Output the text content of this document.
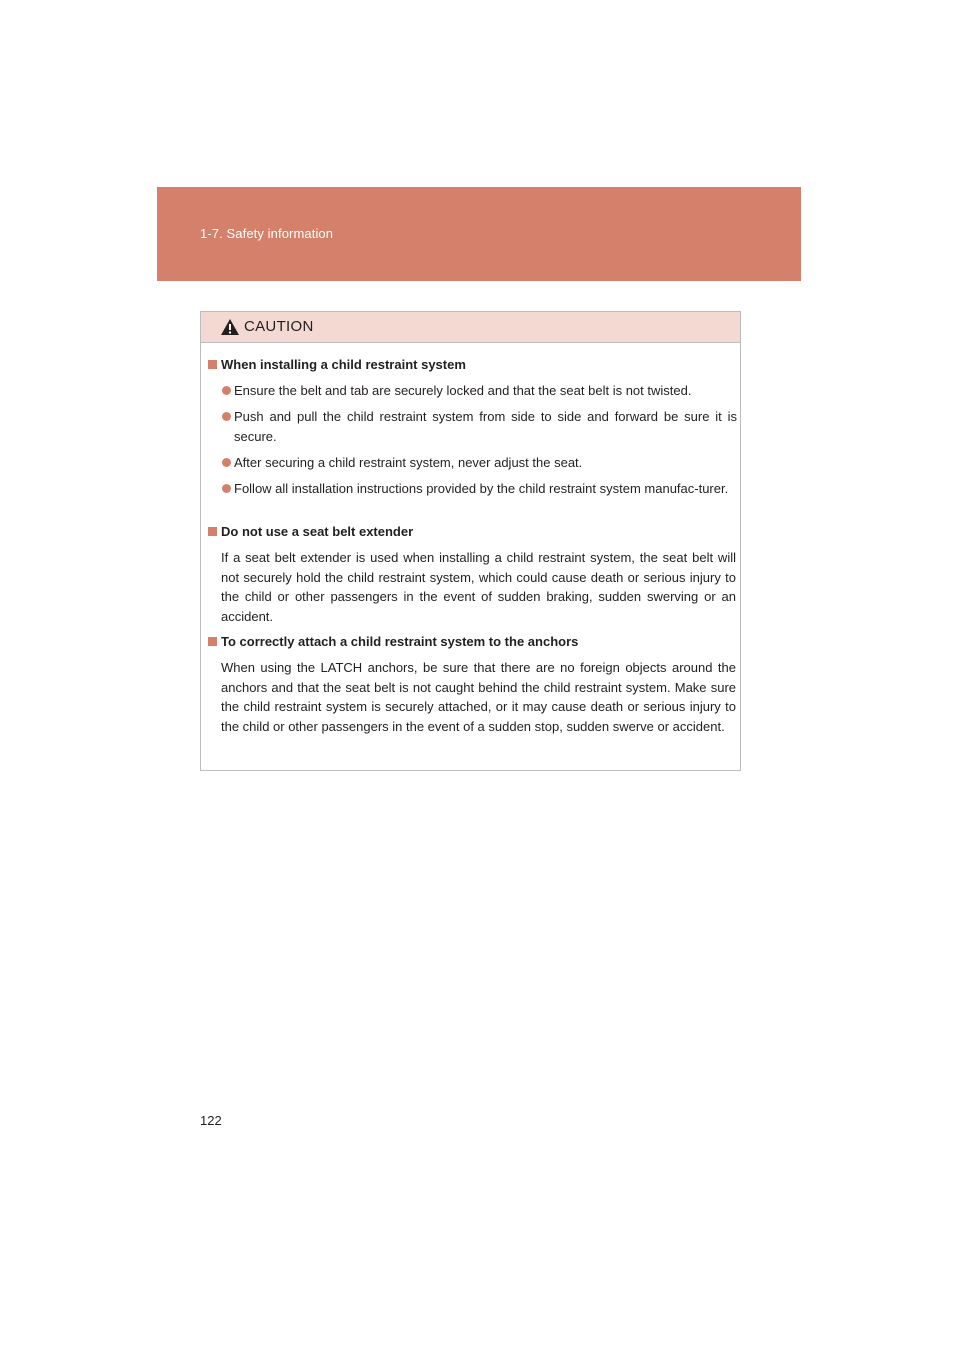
1-7. Safety information
CAUTION
When installing a child restraint system
Ensure the belt and tab are securely locked and that the seat belt is not twisted.
Push and pull the child restraint system from side to side and forward be sure it is secure.
After securing a child restraint system, never adjust the seat.
Follow all installation instructions provided by the child restraint system manufac-turer.
Do not use a seat belt extender
If a seat belt extender is used when installing a child restraint system, the seat belt will not securely hold the child restraint system, which could cause death or serious injury to the child or other passengers in the event of sudden braking, sudden swerving or an accident.
To correctly attach a child restraint system to the anchors
When using the LATCH anchors, be sure that there are no foreign objects around the anchors and that the seat belt is not caught behind the child restraint system. Make sure the child restraint system is securely attached, or it may cause death or serious injury to the child or other passengers in the event of a sudden stop, sudden swerve or accident.
122
